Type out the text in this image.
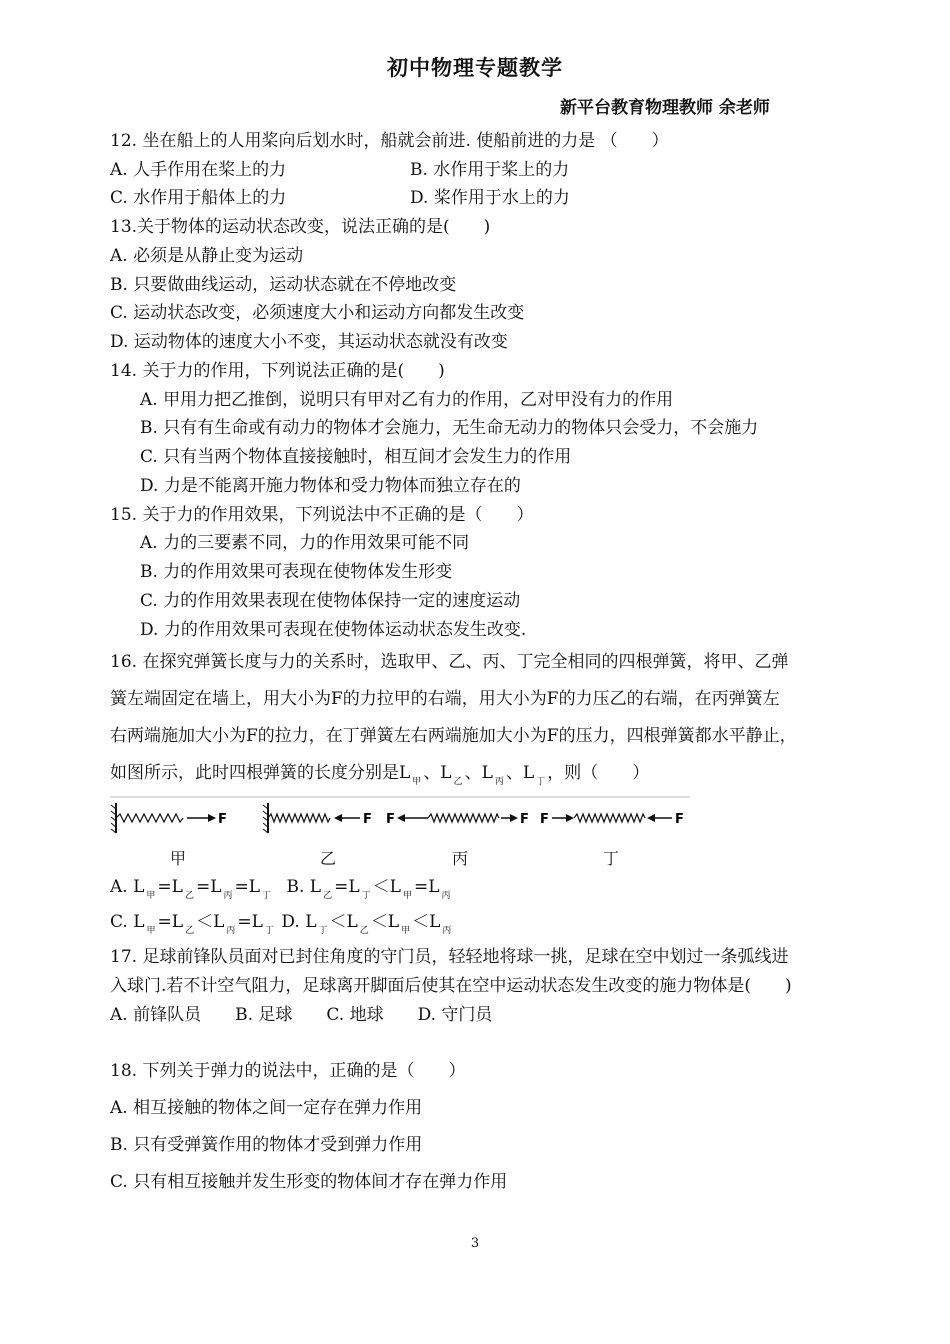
初中物理专题教学
新平台教育物理教师 余老师
12. 坐在船上的人用桨向后划水时，船就会前进. 使船前进的力是 （　　）
A. 人手作用在桨上的力	B. 水作用于桨上的力
C. 水作用于船体上的力	D. 桨作用于水上的力
13.关于物体的运动状态改变，说法正确的是(　　)
A. 必须是从静止变为运动
B. 只要做曲线运动，运动状态就在不停地改变
C. 运动状态改变，必须速度大小和运动方向都发生改变
D. 运动物体的速度大小不变，其运动状态就没有改变
14. 关于力的作用，下列说法正确的是(　　)
A. 甲用力把乙推倒，说明只有甲对乙有力的作用，乙对甲没有力的作用
B. 只有有生命或有动力的物体才会施力，无生命无动力的物体只会受力，不会施力
C. 只有当两个物体直接接触时，相互间才会发生力的作用
D. 力是不能离开施力物体和受力物体而独立存在的
15. 关于力的作用效果，下列说法中不正确的是（　　）
A. 力的三要素不同，力的作用效果可能不同
B. 力的作用效果可表现在使物体发生形变
C. 力的作用效果表现在使物体保持一定的速度运动
D. 力的作用效果可表现在使物体运动状态发生改变.
16. 在探究弹簧长度与力的关系时，选取甲、乙、丙、丁完全相同的四根弹簧，将甲、乙弹
簧左端固定在墙上，用大小为F的力拉甲的右端，用大小为F的力压乙的右端，在丙弹簧左
右两端施加大小为F的拉力，在丁弹簧左右两端施加大小为F的压力，四根弹簧都水平静止，
如图所示，此时四根弹簧的长度分别是L $_甲$ 、L $_乙$ 、L $_丙$ 、L $_丁$ ，则（　　）
F	F F	F F	F
甲	乙	丙	丁
A. L $_甲$ =L $_乙$ =L $_丙$ =L $_丁$ B. L $_乙$ =L $_丁$ ＜L $_甲$ =L $_丙$
C. L $_甲$ =L $_乙$ ＜L $_丙$ =L $_丁$ D. L $_丁$ ＜L $_乙$ ＜L $_甲$ ＜L $_丙$
17. 足球前锋队员面对已封住角度的守门员，轻轻地将球一挑，足球在空中划过一条弧线进
入球门.若不计空气阻力，足球离开脚面后使其在空中运动状态发生改变的施力物体是(　　)
A. 前锋队员　　B. 足球　　C. 地球　　D. 守门员
18. 下列关于弹力的说法中，正确的是（　　）
A. 相互接触的物体之间一定存在弹力作用
B. 只有受弹簧作用的物体才受到弹力作用
C. 只有相互接触并发生形变的物体间才存在弹力作用
3
